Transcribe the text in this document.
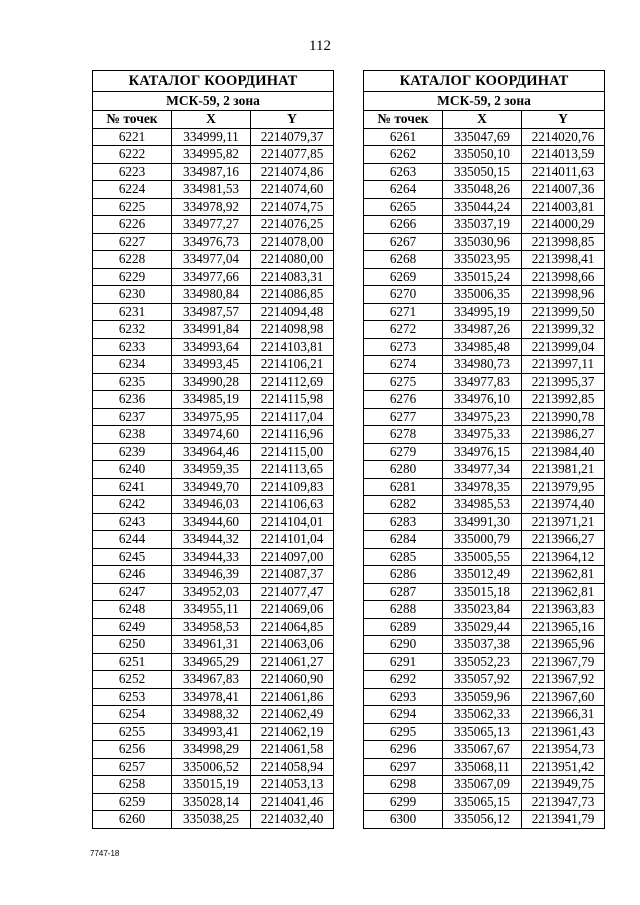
112
КАТАЛОГ КООРДИНАТ		
МСК-59, 2 зона		
№ точек	X	Y
6221	334999,11	2214079,37
6222	334995,82	2214077,85
6223	334987,16	2214074,86
6224	334981,53	2214074,60
6225	334978,92	2214074,75
6226	334977,27	2214076,25
6227	334976,73	2214078,00
6228	334977,04	2214080,00
6229	334977,66	2214083,31
6230	334980,84	2214086,85
6231	334987,57	2214094,48
6232	334991,84	2214098,98
6233	334993,64	2214103,81
6234	334993,45	2214106,21
6235	334990,28	2214112,69
6236	334985,19	2214115,98
6237	334975,95	2214117,04
6238	334974,60	2214116,96
6239	334964,46	2214115,00
6240	334959,35	2214113,65
6241	334949,70	2214109,83
6242	334946,03	2214106,63
6243	334944,60	2214104,01
6244	334944,32	2214101,04
6245	334944,33	2214097,00
6246	334946,39	2214087,37
6247	334952,03	2214077,47
6248	334955,11	2214069,06
6249	334958,53	2214064,85
6250	334961,31	2214063,06
6251	334965,29	2214061,27
6252	334967,83	2214060,90
6253	334978,41	2214061,86
6254	334988,32	2214062,49
6255	334993,41	2214062,19
6256	334998,29	2214061,58
6257	335006,52	2214058,94
6258	335015,19	2214053,13
6259	335028,14	2214041,46
6260	335038,25	2214032,40
КАТАЛОГ КООРДИНАТ		
МСК-59, 2 зона		
№ точек	X	Y
6261	335047,69	2214020,76
6262	335050,10	2214013,59
6263	335050,15	2214011,63
6264	335048,26	2214007,36
6265	335044,24	2214003,81
6266	335037,19	2214000,29
6267	335030,96	2213998,85
6268	335023,95	2213998,41
6269	335015,24	2213998,66
6270	335006,35	2213998,96
6271	334995,19	2213999,50
6272	334987,26	2213999,32
6273	334985,48	2213999,04
6274	334980,73	2213997,11
6275	334977,83	2213995,37
6276	334976,10	2213992,85
6277	334975,23	2213990,78
6278	334975,33	2213986,27
6279	334976,15	2213984,40
6280	334977,34	2213981,21
6281	334978,35	2213979,95
6282	334985,53	2213974,40
6283	334991,30	2213971,21
6284	335000,79	2213966,27
6285	335005,55	2213964,12
6286	335012,49	2213962,81
6287	335015,18	2213962,81
6288	335023,84	2213963,83
6289	335029,44	2213965,16
6290	335037,38	2213965,96
6291	335052,23	2213967,79
6292	335057,92	2213967,92
6293	335059,96	2213967,60
6294	335062,33	2213966,31
6295	335065,13	2213961,43
6296	335067,67	2213954,73
6297	335068,11	2213951,42
6298	335067,09	2213949,75
6299	335065,15	2213947,73
6300	335056,12	2213941,79
7747-18
